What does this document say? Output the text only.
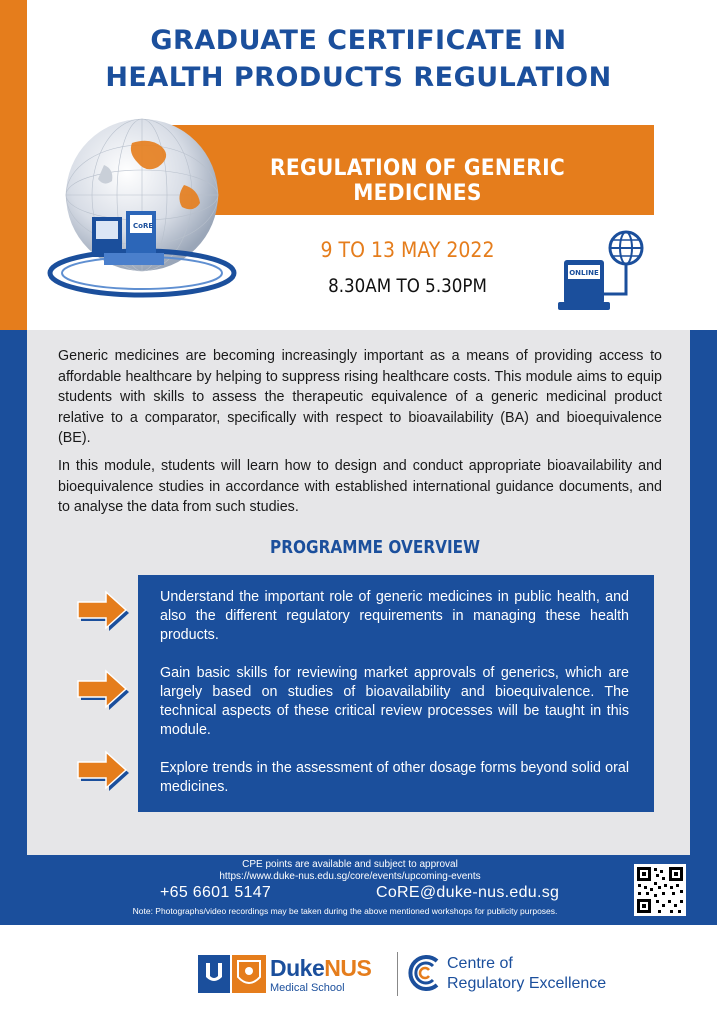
GRADUATE CERTIFICATE IN
HEALTH PRODUCTS REGULATION
REGULATION OF GENERIC MEDICINES
CoRE
9 TO 13 MAY 2022
8.30AM TO 5.30PM
ONLINE

Generic medicines are becoming increasingly important as a means of providing access to affordable healthcare by helping to suppress rising healthcare costs. This module aims to equip students with skills to assess the therapeutic equivalence of a generic medicinal product relative to a comparator, specifically with respect to bioavailability (BA) and bioequivalence (BE).

In this module, students will learn how to design and conduct appropriate bioavailability and bioequivalence studies in accordance with established international guidance documents, and to analyse the data from such studies.

PROGRAMME OVERVIEW

Understand the important role of generic medicines in public health, and also the different regulatory requirements in managing these health products.

Gain basic skills for reviewing market approvals of generics, which are largely based on studies of bioavailability and bioequivalence. The technical aspects of these critical review processes will be taught in this module.

Explore trends in the assessment of other dosage forms beyond solid oral medicines.

CPE points are available and subject to approval
https://www.duke-nus.edu.sg/core/events/upcoming-events
+65 6601 5147	CoRE@duke-nus.edu.sg
Note: Photographs/video recordings may be taken during the above mentioned workshops for publicity purposes.
DukeNUS
Medical School
Centre of
Regulatory Excellence
